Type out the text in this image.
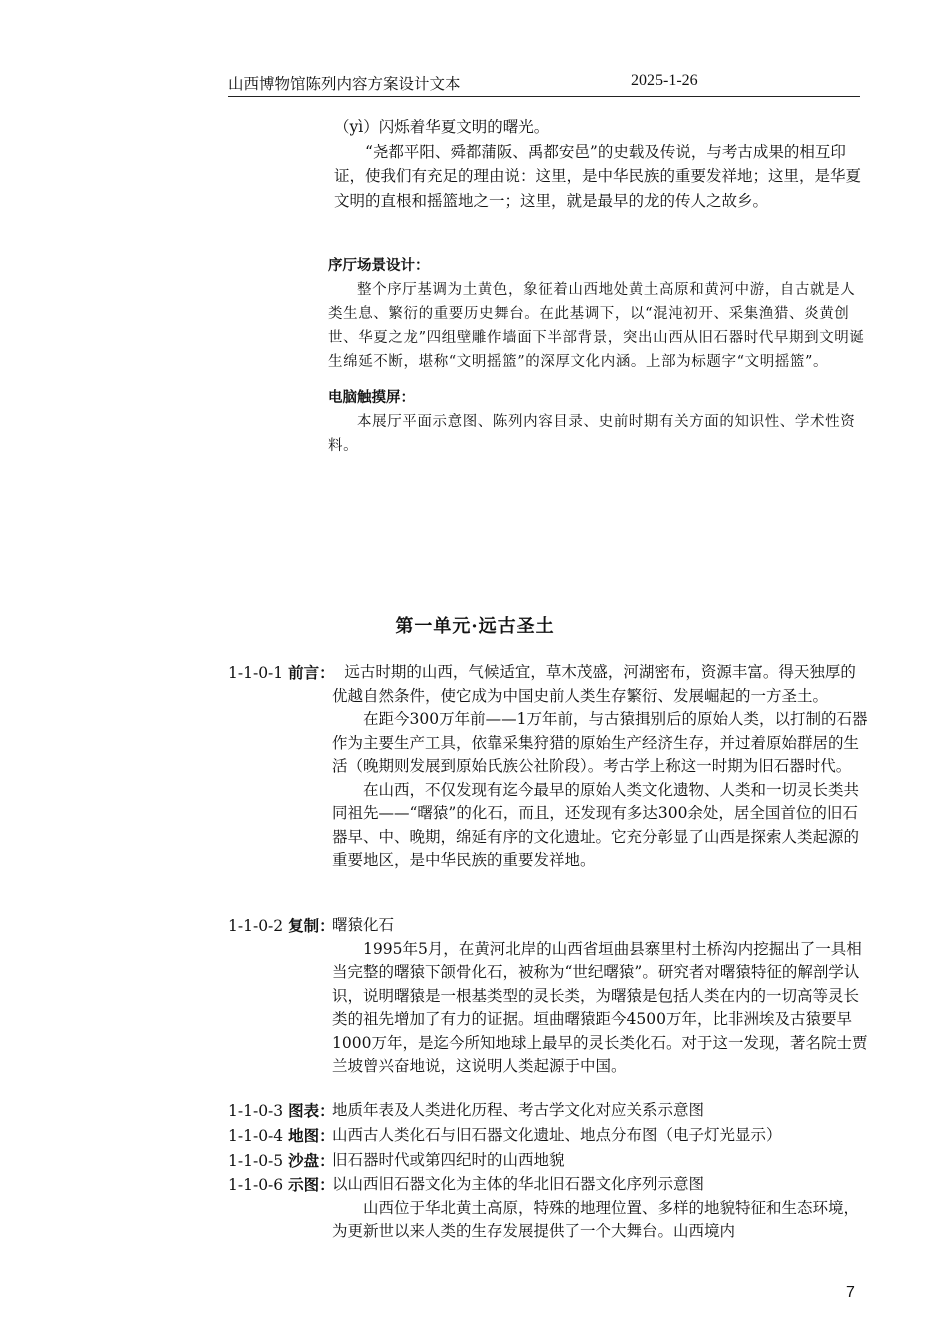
山西博物馆陈列内容方案设计文本	2025-1-26

（yì）闪烁着华夏文明的曙光。

“尧都平阳、舜都蒲阪、禹都安邑”的史载及传说，与考古成果的相互印证，使我们有充足的理由说：这里，是中华民族的重要发祥地；这里，是华夏文明的直根和摇篮地之一；这里，就是最早的龙的传人之故乡。

序厅场景设计：

整个序厅基调为土黄色，象征着山西地处黄土高原和黄河中游，自古就是人类生息、繁衍的重要历史舞台。在此基调下，以“混沌初开、采集渔猎、炎黄创世、华夏之龙”四组壁雕作墙面下半部背景，突出山西从旧石器时代早期到文明诞生绵延不断，堪称“文明摇篮”的深厚文化内涵。上部为标题字“文明摇篮”。

电脑触摸屏：

本展厅平面示意图、陈列内容目录、史前时期有关方面的知识性、学术性资料。

第一单元·远古圣土
1-1-0-1 前言： 远古时期的山西，气候适宜，草木茂盛，河湖密布，资源丰富。得天独厚的优越自然条件，使它成为中国史前人类生存繁衍、发展崛起的一方圣土。

在距今300万年前——1万年前，与古猿揖别后的原始人类，以打制的石器作为主要生产工具，依靠采集狩猎的原始生产经济生存，并过着原始群居的生活（晚期则发展到原始氏族公社阶段）。考古学上称这一时期为旧石器时代。

在山西，不仅发现有迄今最早的原始人类文化遗物、人类和一切灵长类共同祖先——“曙猿”的化石，而且，还发现有多达300余处，居全国首位的旧石器早、中、晚期，绵延有序的文化遗址。它充分彰显了山西是探索人类起源的重要地区，是中华民族的重要发祥地。

1-1-0-2 复制：

曙猿化石

1995年5月，在黄河北岸的山西省垣曲县寨里村土桥沟内挖掘出了一具相当完整的曙猿下颌骨化石，被称为“世纪曙猿”。研究者对曙猿特征的解剖学认识，说明曙猿是一根基类型的灵长类，为曙猿是包括人类在内的一切高等灵长类的祖先增加了有力的证据。垣曲曙猿距今4500万年，比非洲埃及古猿要早1000万年，是迄今所知地球上最早的灵长类化石。对于这一发现，著名院士贾兰坡曾兴奋地说，这说明人类起源于中国。

1-1-0-3 图表：

地质年表及人类进化历程、考古学文化对应关系示意图

1-1-0-4 地图：

山西古人类化石与旧石器文化遗址、地点分布图（电子灯光显示）

1-1-0-5 沙盘：

旧石器时代或第四纪时的山西地貌

1-1-0-6 示图：

以山西旧石器文化为主体的华北旧石器文化序列示意图

山西位于华北黄土高原，特殊的地理位置、多样的地貌特征和生态环境，为更新世以来人类的生存发展提供了一个大舞台。山西境内

7
